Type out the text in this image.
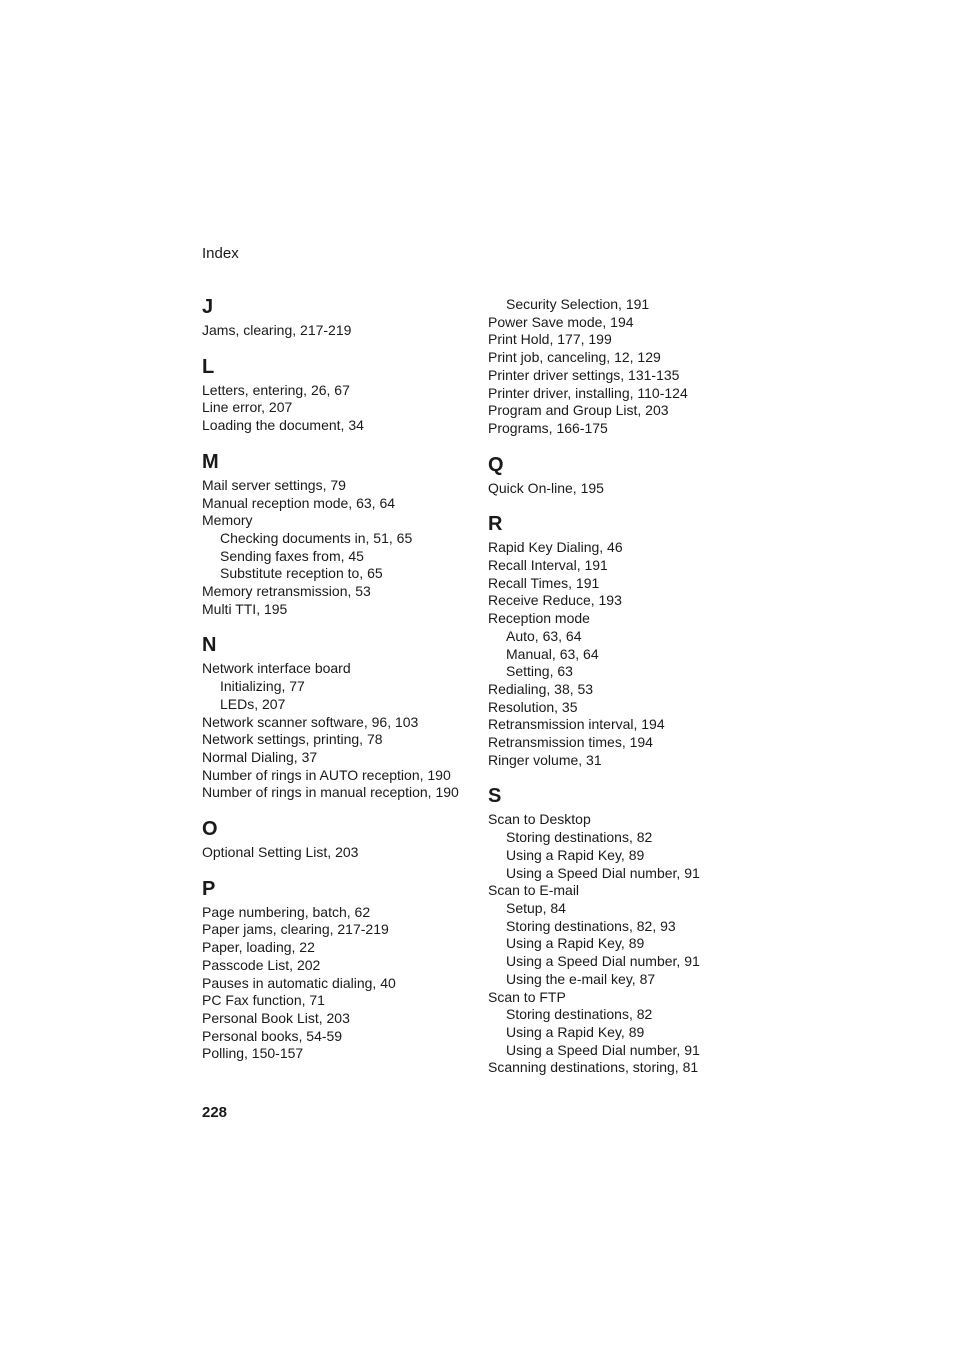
Index
J
Jams, clearing, 217-219
L
Letters, entering, 26, 67
Line error, 207
Loading the document, 34
M
Mail server settings, 79
Manual reception mode, 63, 64
Memory
Checking documents in, 51, 65
Sending faxes from, 45
Substitute reception to, 65
Memory retransmission, 53
Multi TTI, 195
N
Network interface board
Initializing, 77
LEDs, 207
Network scanner software, 96, 103
Network settings, printing, 78
Normal Dialing, 37
Number of rings in AUTO reception, 190
Number of rings in manual reception, 190
O
Optional Setting List, 203
P
Page numbering, batch, 62
Paper jams, clearing, 217-219
Paper, loading, 22
Passcode List, 202
Pauses in automatic dialing, 40
PC Fax function, 71
Personal Book List, 203
Personal books, 54-59
Polling, 150-157
Security Selection, 191
Power Save mode, 194
Print Hold, 177, 199
Print job, canceling, 12, 129
Printer driver settings, 131-135
Printer driver, installing, 110-124
Program and Group List, 203
Programs, 166-175
Q
Quick On-line, 195
R
Rapid Key Dialing, 46
Recall Interval, 191
Recall Times, 191
Receive Reduce, 193
Reception mode
Auto, 63, 64
Manual, 63, 64
Setting, 63
Redialing, 38, 53
Resolution, 35
Retransmission interval, 194
Retransmission times, 194
Ringer volume, 31
S
Scan to Desktop
Storing destinations, 82
Using a Rapid Key, 89
Using a Speed Dial number, 91
Scan to E-mail
Setup, 84
Storing destinations, 82, 93
Using a Rapid Key, 89
Using a Speed Dial number, 91
Using the e-mail key, 87
Scan to FTP
Storing destinations, 82
Using a Rapid Key, 89
Using a Speed Dial number, 91
Scanning destinations, storing, 81
228
